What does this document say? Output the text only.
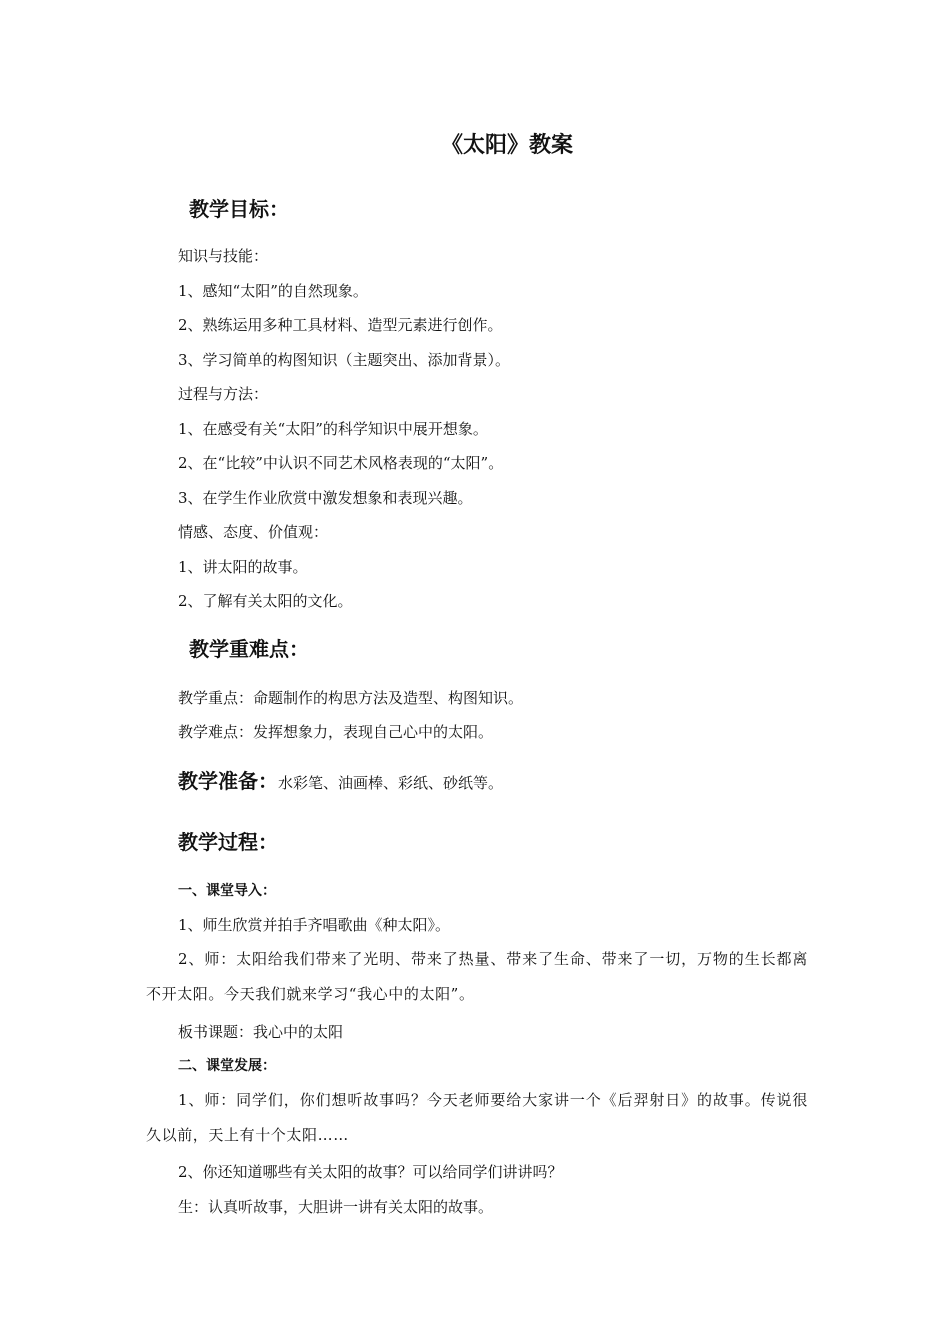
《太阳》教案
教学目标：
知识与技能：
1、感知“太阳”的自然现象。
2、熟练运用多种工具材料、造型元素进行创作。
3、学习简单的构图知识（主题突出、添加背景）。
过程与方法：
1、在感受有关“太阳”的科学知识中展开想象。
2、在“比较”中认识不同艺术风格表现的“太阳”。
3、在学生作业欣赏中激发想象和表现兴趣。
情感、态度、价值观：
1、讲太阳的故事。
2、了解有关太阳的文化。
教学重难点：
教学重点：命题制作的构思方法及造型、构图知识。
教学难点：发挥想象力，表现自己心中的太阳。
教学准备：水彩笔、油画棒、彩纸、砂纸等。
教学过程：
一、课堂导入：
1、师生欣赏并拍手齐唱歌曲《种太阳》。
2、师：太阳给我们带来了光明、带来了热量、带来了生命、带来了一切，万物的生长都离不开太阳。今天我们就来学习“我心中的太阳”。
板书课题：我心中的太阳
二、课堂发展：
1、师：同学们，你们想听故事吗？今天老师要给大家讲一个《后羿射日》的故事。传说很久以前，天上有十个太阳……
2、你还知道哪些有关太阳的故事？可以给同学们讲讲吗？
生：认真听故事，大胆讲一讲有关太阳的故事。
